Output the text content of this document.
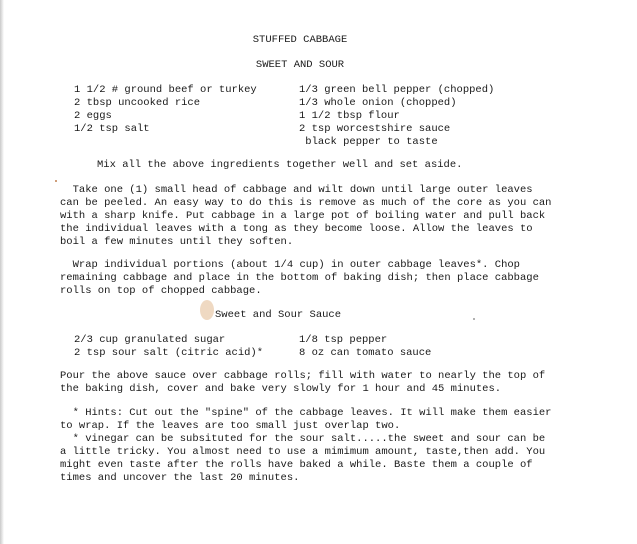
STUFFED CABBAGE
SWEET AND SOUR
1 1/2 # ground beef or turkey
2 tbsp uncooked rice
2 eggs
1/2 tsp salt
1/3 green bell pepper (chopped)
1/3 whole onion (chopped)
1 1/2 tbsp flour
2 tsp worcestshire sauce
black pepper to taste
Mix all the above ingredients together well and set aside.
Take one (1) small head of cabbage and wilt down until large outer leaves
can be peeled. An easy way to do this is remove as much of the core as you can
with a sharp knife. Put cabbage in a large pot of boiling water and pull back
the individual leaves with a tong as they become loose. Allow the leaves to
boil a few minutes until they soften.
Wrap individual portions (about 1/4 cup) in outer cabbage leaves*. Chop
remaining cabbage and place in the bottom of baking dish; then place cabbage
rolls on top of chopped cabbage.
Sweet and Sour Sauce
2/3 cup granulated sugar
2 tsp sour salt (citric acid)*
1/8 tsp pepper
8 oz can tomato sauce
Pour the above sauce over cabbage rolls; fill with water to nearly the top of
the baking dish, cover and bake very slowly for 1 hour and 45 minutes.
* Hints: Cut out the "spine" of the cabbage leaves. It will make them easier
to wrap. If the leaves are too small just overlap two.
* vinegar can be subsituted for the sour salt.....the sweet and sour can be
a little tricky. You almost need to use a mimimum amount, taste,then add. You
might even taste after the rolls have baked a while. Baste them a couple of
times and uncover the last 20 minutes.
